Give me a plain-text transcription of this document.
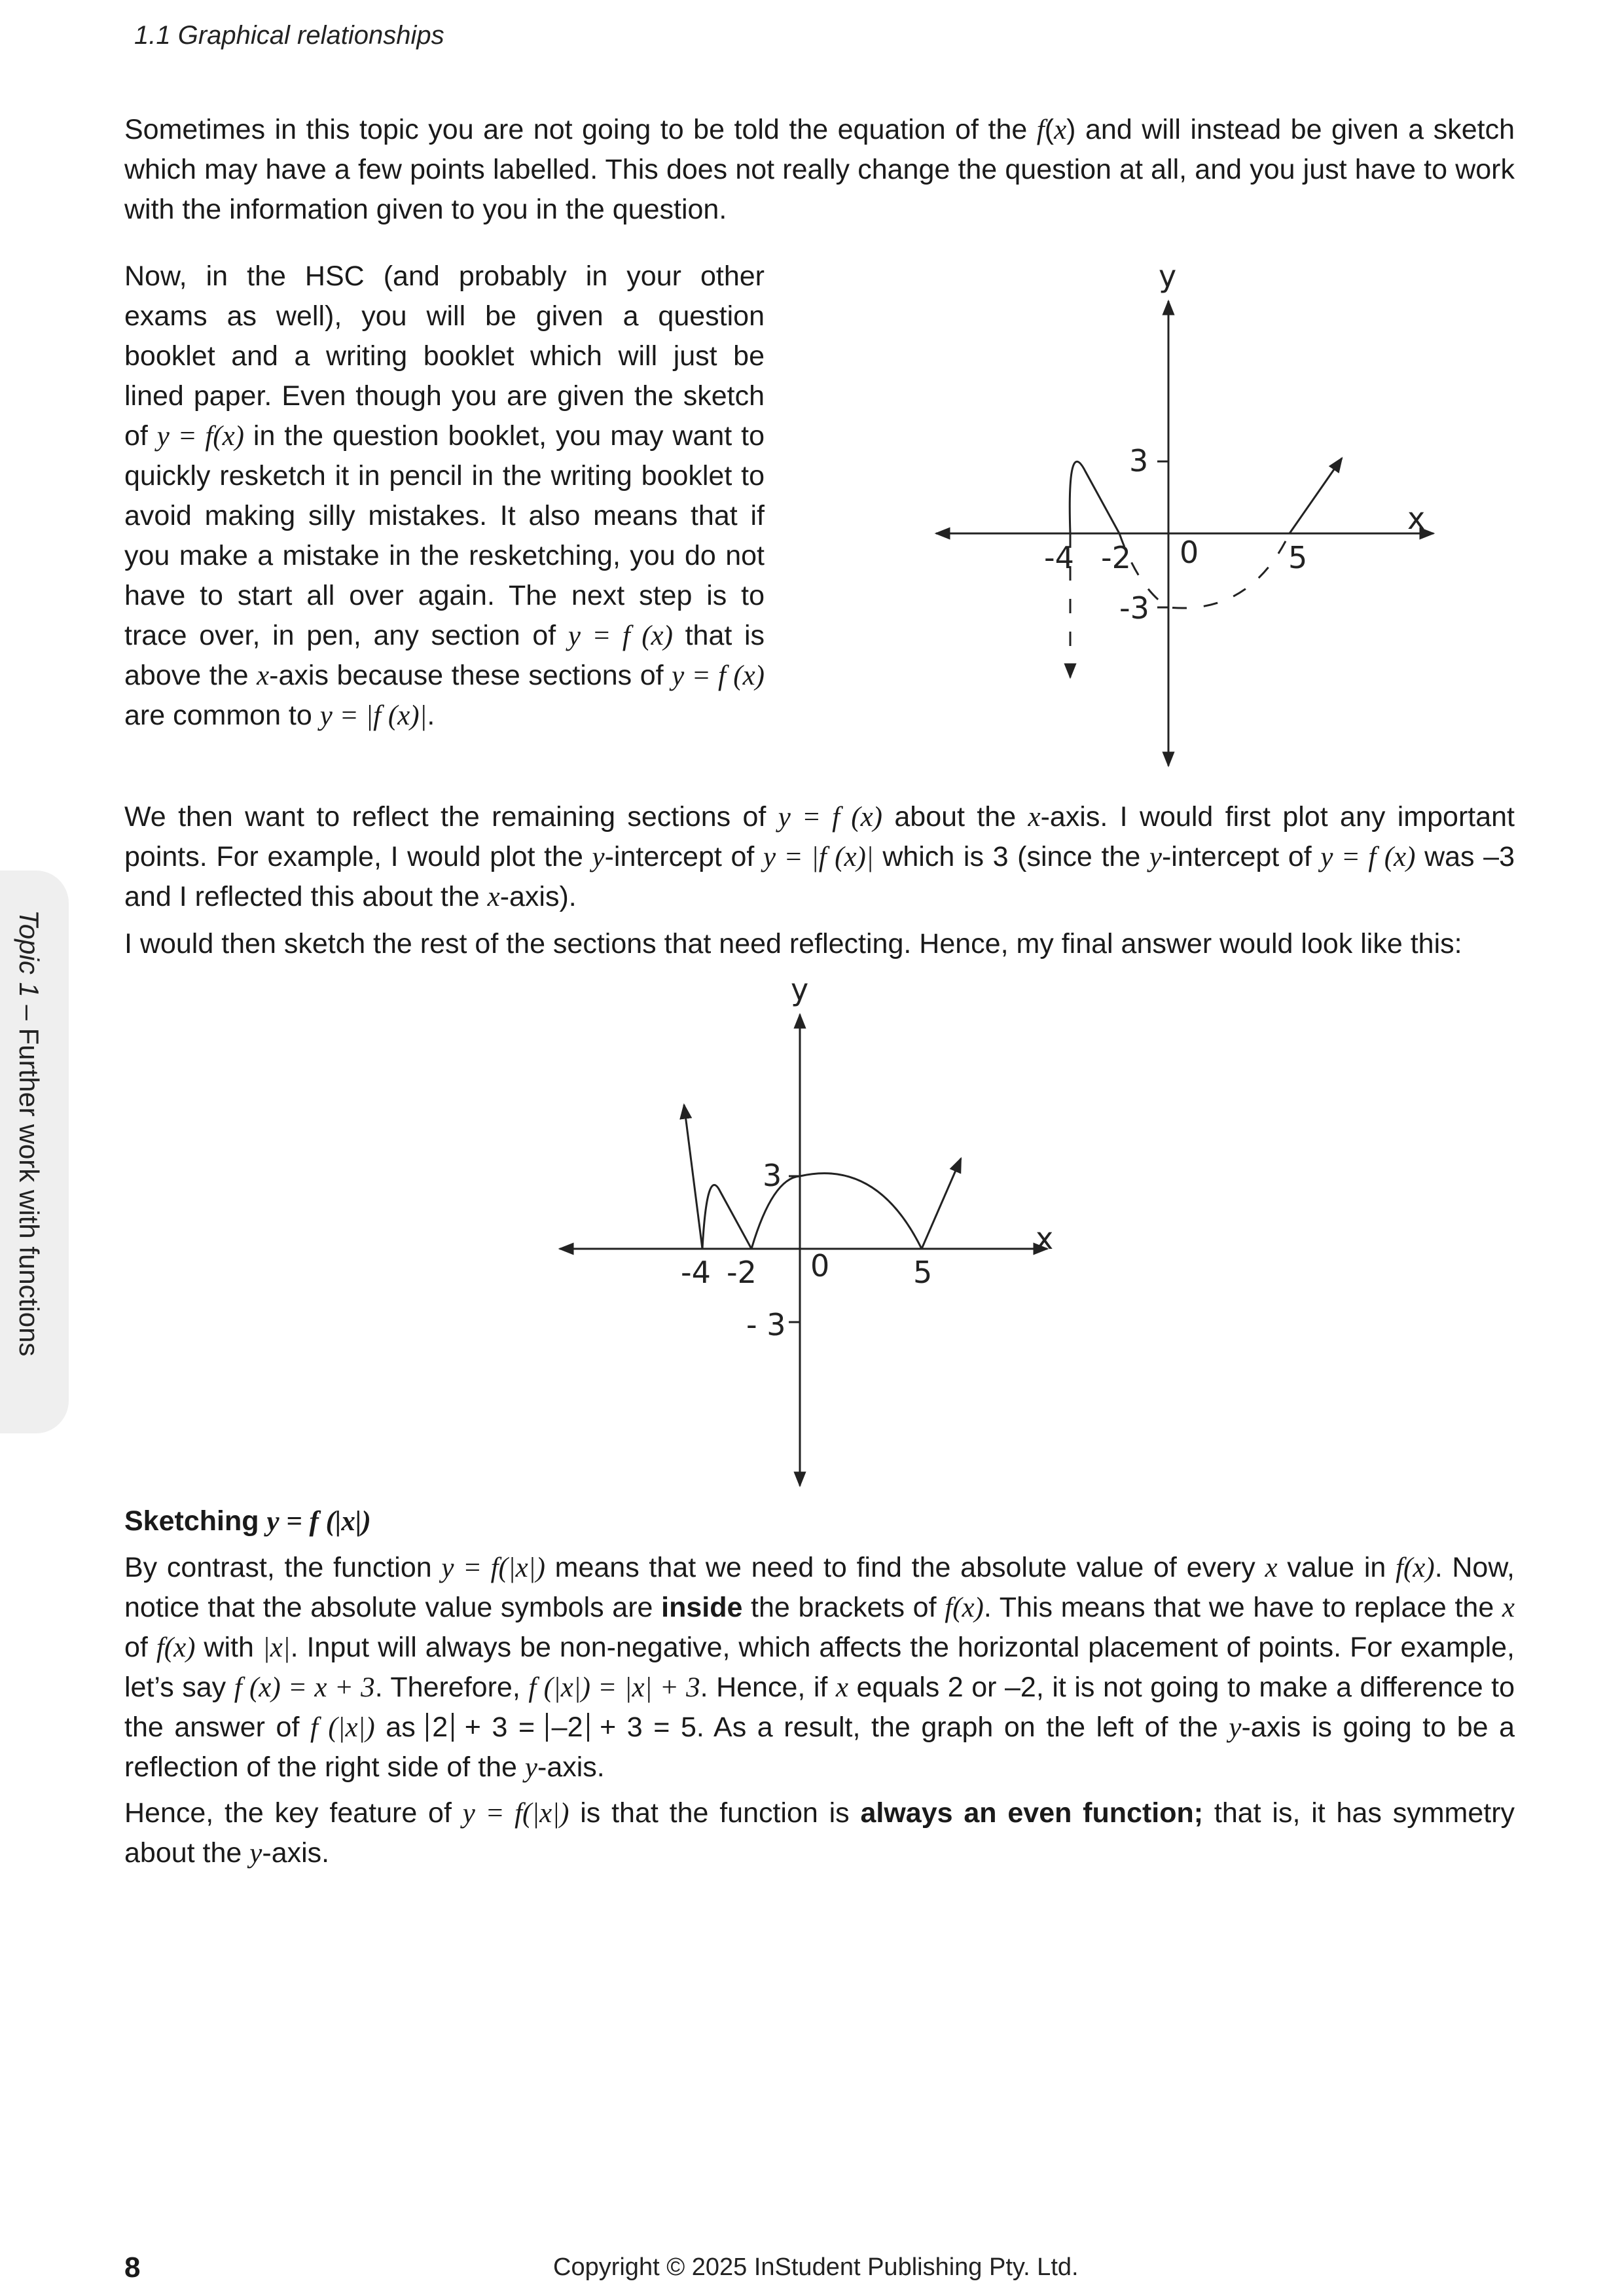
1.1 Graphical relationships
Topic 1 – Further work with functions

Sometimes in this topic you are not going to be told the equation of the f(x) and will instead be given a sketch which may have a few points labelled. This does not really change the question at all, and you just have to work with the information given to you in the question.

Now, in the HSC (and probably in your other exams as well), you will be given a question booklet and a writing booklet which will just be lined paper. Even though you are given the sketch of y = f(x) in the question booklet, you may want to quickly resketch it in pencil in the writing booklet to avoid making silly mistakes. It also means that if you make a mistake in the resketching, you do not have to start all over again. The next step is to trace over, in pen, any section of y = f (x) that is above the x-axis because these sections of y = f (x) are common to y = |f (x)|.

y
x
-4 -2 0	5
3
-3

We then want to reflect the remaining sections of y = f (x) about the x-axis. I would first plot any important points. For example, I would plot the y-intercept of y = |f (x)| which is 3 (since the y-intercept of y = f (x) was –3 and I reflected this about the x-axis).

I would then sketch the rest of the sections that need reflecting. Hence, my final answer would look like this:

y
x
-4 -2 0	5
3
- 3
Sketching y = f (|x|)

By contrast, the function y = f(|x|) means that we need to find the absolute value of every x value in f(x). Now, notice that the absolute value symbols are inside the brackets of f(x). This means that we have to replace the x of f(x) with |x|. Input will always be non-negative, which affects the horizontal placement of points. For example, let’s say f (x) = x + 3. Therefore, f (|x|) = |x| + 3. Hence, if x equals 2 or –2, it is not going to make a difference to the answer of f (|x|) as 2 + 3 = –2 + 3 = 5. As a result, the graph on the left of the y-axis is going to be a reflection of the right side of the y-axis.

Hence, the key feature of y = f(|x|) is that the function is always an even function; that is, it has symmetry about the y-axis.

8	Copyright © 2025 InStudent Publishing Pty. Ltd.
